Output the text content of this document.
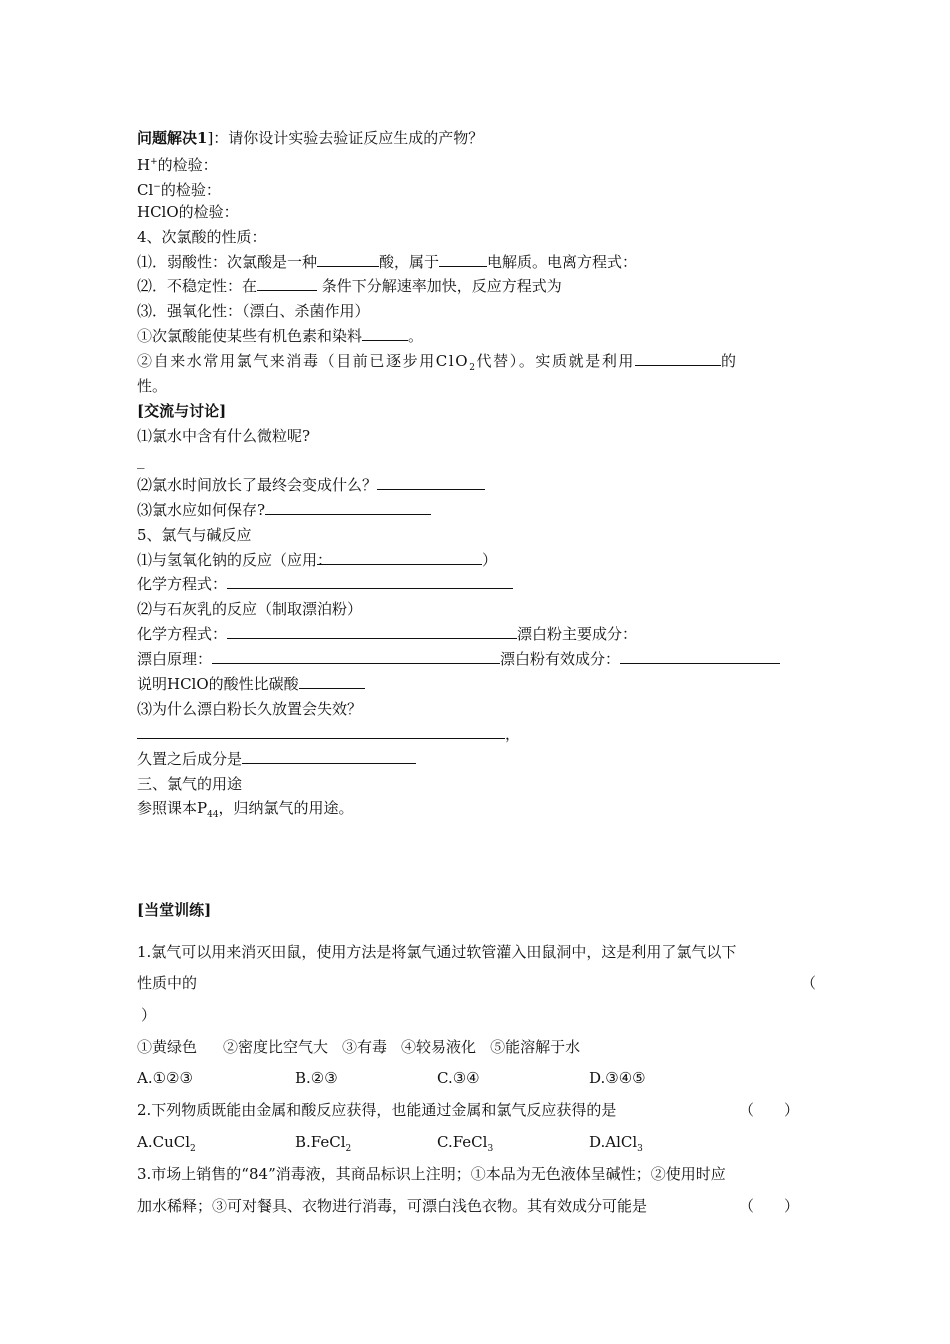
问题解决1]：请你设计实验去验证反应生成的产物？
H+的检验：
Cl−的检验：
HClO的检验：
4、次氯酸的性质：
⑴．弱酸性：次氯酸是一种	酸，属于	电解质。电离方程式：
⑵．不稳定性：在	条件下分解速率加快，反应方程式为
⑶．强氧化性：（漂白、杀菌作用）
①次氯酸能使某些有机色素和染料	。
②自来水常用氯气来消毒（目前已逐步用ClO$_2$代替）。实质就是利用	的
性。
[交流与讨论]
⑴氯水中含有什么微粒呢?
_
⑵氯水时间放长了最终会变成什么？
⑶氯水应如何保存?
5、氯气与碱反应
⑴与氢氧化钠的反应（应用：	）
化学方程式：
⑵与石灰乳的反应（制取漂泊粉）
化学方程式：	漂白粉主要成分：
漂白原理：	漂白粉有效成分：
说明HClO的酸性比碳酸
⑶为什么漂白粉长久放置会失效？
，
久置之后成分是
三、氯气的用途
参照课本$P_{44}$，归纳氯气的用途。
[当堂训练]
1.氯气可以用来消灭田鼠，使用方法是将氯气通过软管灌入田鼠洞中，这是利用了氯气以下
性质中的	（
）
①黄绿色 ②密度比空气大 ③有毒 ④较易液化 ⑤能溶解于水
A.①②③	B.②③	C.③④	D.③④⑤
2.下列物质既能由金属和酸反应获得，也能通过金属和氯气反应获得的是	（　　）
A.CuCl$_2$	B.FeCl$_2$	C.FeCl$_3$	D.AlCl$_3$
3.市场上销售的“84”消毒液，其商品标识上注明；①本品为无色液体呈碱性；②使用时应
加水稀释；③可对餐具、衣物进行消毒，可漂白浅色衣物。其有效成分可能是	（　　）
